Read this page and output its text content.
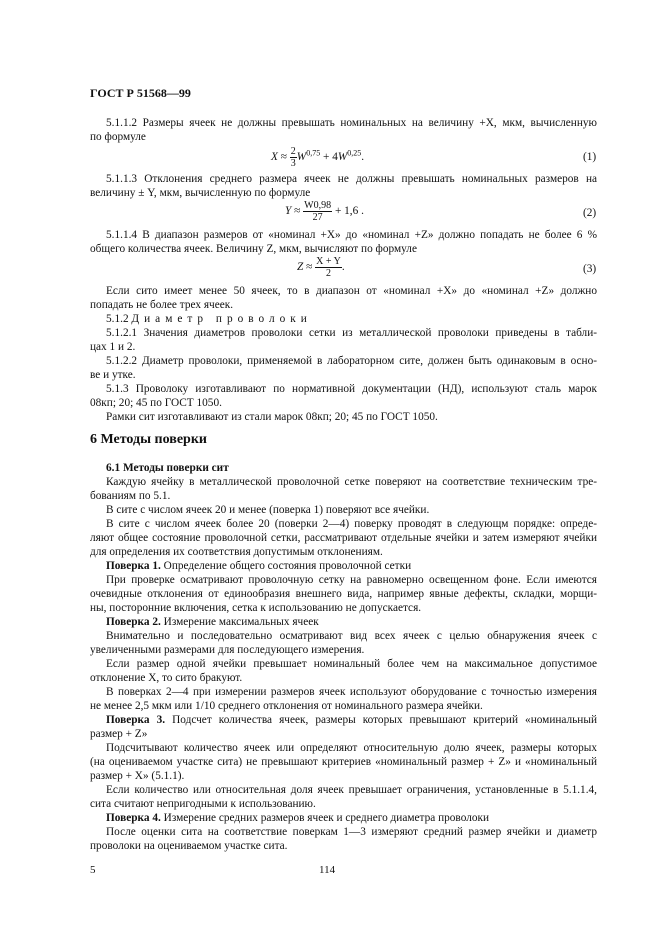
ГОСТ Р 51568—99
5.1.1.2 Размеры ячеек не должны превышать номинальных на величину +X, мкм, вычисленную
по формуле
$X \approx \frac{2}{3} W^{0,75} + 4W^{0,25}$.	(1)
5.1.1.3 Отклонения среднего размера ячеек не должны превышать номинальных размеров на
величину ± Y, мкм, вычисленную по формуле
$Y \approx \frac{W0,98}{27} + 1,6$ .	(2)
5.1.1.4 В диапазон размеров от «номинал +X» до «номинал +Z» должно попадать не более 6 %
общего количества ячеек. Величину Z, мкм, вычисляют по формуле
$Z \approx \frac{X + Y}{2}$ .	(3)
Если сито имеет менее 50 ячеек, то в диапазон от «номинал +X» до «номинал +Z» должно
попадать не более трех ячеек.
5.1.2 Диаметр проволоки
5.1.2.1 Значения диаметров проволоки сетки из металлической проволоки приведены в табли-
цах 1 и 2.
5.1.2.2 Диаметр проволоки, применяемой в лабораторном сите, должен быть одинаковым в осно-
ве и утке.
5.1.3 Проволоку изготавливают по нормативной документации (НД), используют сталь марок
08кп; 20; 45 по ГОСТ 1050.
Рамки сит изготавливают из стали марок 08кп; 20; 45 по ГОСТ 1050.
6 Методы поверки
6.1 Методы поверки сит
Каждую ячейку в металлической проволочной сетке поверяют на соответствие техническим тре-
бованиям по 5.1.
В сите с числом ячеек 20 и менее (поверка 1) поверяют все ячейки.
В сите с числом ячеек более 20 (поверки 2—4) поверку проводят в следующм порядке: опреде-
ляют общее состояние проволочной сетки, рассматривают отдельные ячейки и затем измеряют ячейки
для определения их соответствия допустимым отклонениям.
Поверка 1. Определение общего состояния проволочной сетки
При проверке осматривают проволочную сетку на равномерно освещенном фоне. Если имеются
очевидные отклонения от единообразия внешнего вида, например явные дефекты, складки, морщи-
ны, посторонние включения, сетка к использованию не допускается.
Поверка 2. Измерение максимальных ячеек
Внимательно и последовательно осматривают вид всех ячеек с целью обнаружения ячеек с
увеличенными размерами для последующего измерения.
Если размер одной ячейки превышает номинальный более чем на максимальное допустимое
отклонение X, то сито бракуют.
В поверках 2—4 при измерении размеров ячеек используют оборудование с точностью измерения
не менее 2,5 мкм или 1/10 среднего отклонения от номинального размера ячейки.
Поверка 3. Подсчет количества ячеек, размеры которых превышают критерий «номинальный
размер + Z»
Подсчитывают количество ячеек или определяют относительную долю ячеек, размеры которых
(на оцениваемом участке сита) не превышают критериев «номинальный размер + Z» и «номинальный
размер + X» (5.1.1).
Если количество или относительная доля ячеек превышает ограничения, установленные в 5.1.1.4,
сита считают непригодными к использованию.
Поверка 4. Измерение средних размеров ячеек и среднего диаметра проволоки
После оценки сита на соответствие поверкам 1—3 измеряют средний размер ячейки и диаметр
проволоки на оцениваемом участке сита.
5	114
